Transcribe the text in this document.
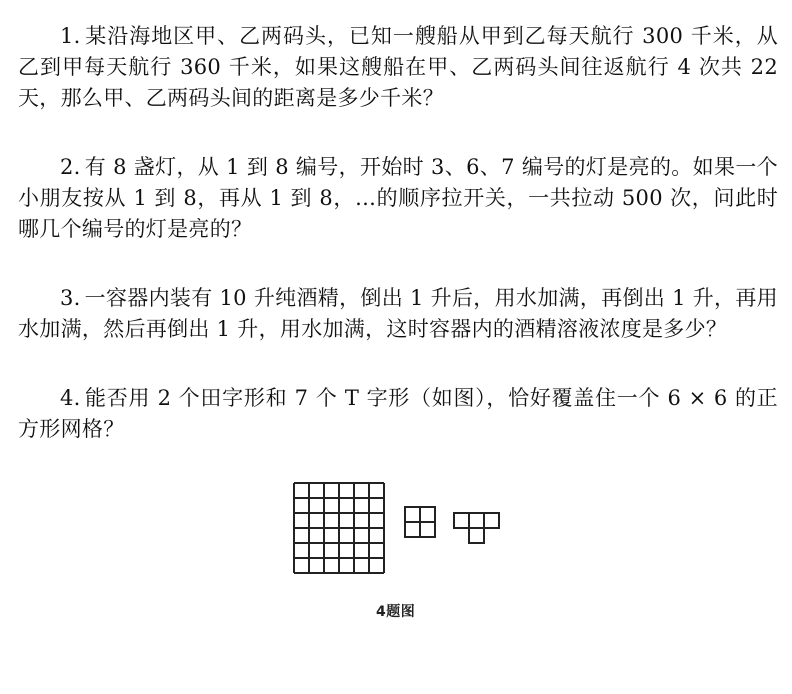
1. 某沿海地区甲、乙两码头，已知一艘船从甲到乙每天航行 300 千米，从乙到甲每天航行 360 千米，如果这艘船在甲、乙两码头间往返航行 4 次共 22 天，那么甲、乙两码头间的距离是多少千米？

2. 有 8 盏灯，从 1 到 8 编号，开始时 3、6、7 编号的灯是亮的。如果一个小朋友按从 1 到 8，再从 1 到 8，…的顺序拉开关，一共拉动 500 次，问此时哪几个编号的灯是亮的？

3. 一容器内装有 10 升纯酒精，倒出 1 升后，用水加满，再倒出 1 升，再用水加满，然后再倒出 1 升，用水加满，这时容器内的酒精溶液浓度是多少？

4. 能否用 2 个田字形和 7 个 T 字形（如图），恰好覆盖住一个 6 × 6 的正方形网格？

4题图
